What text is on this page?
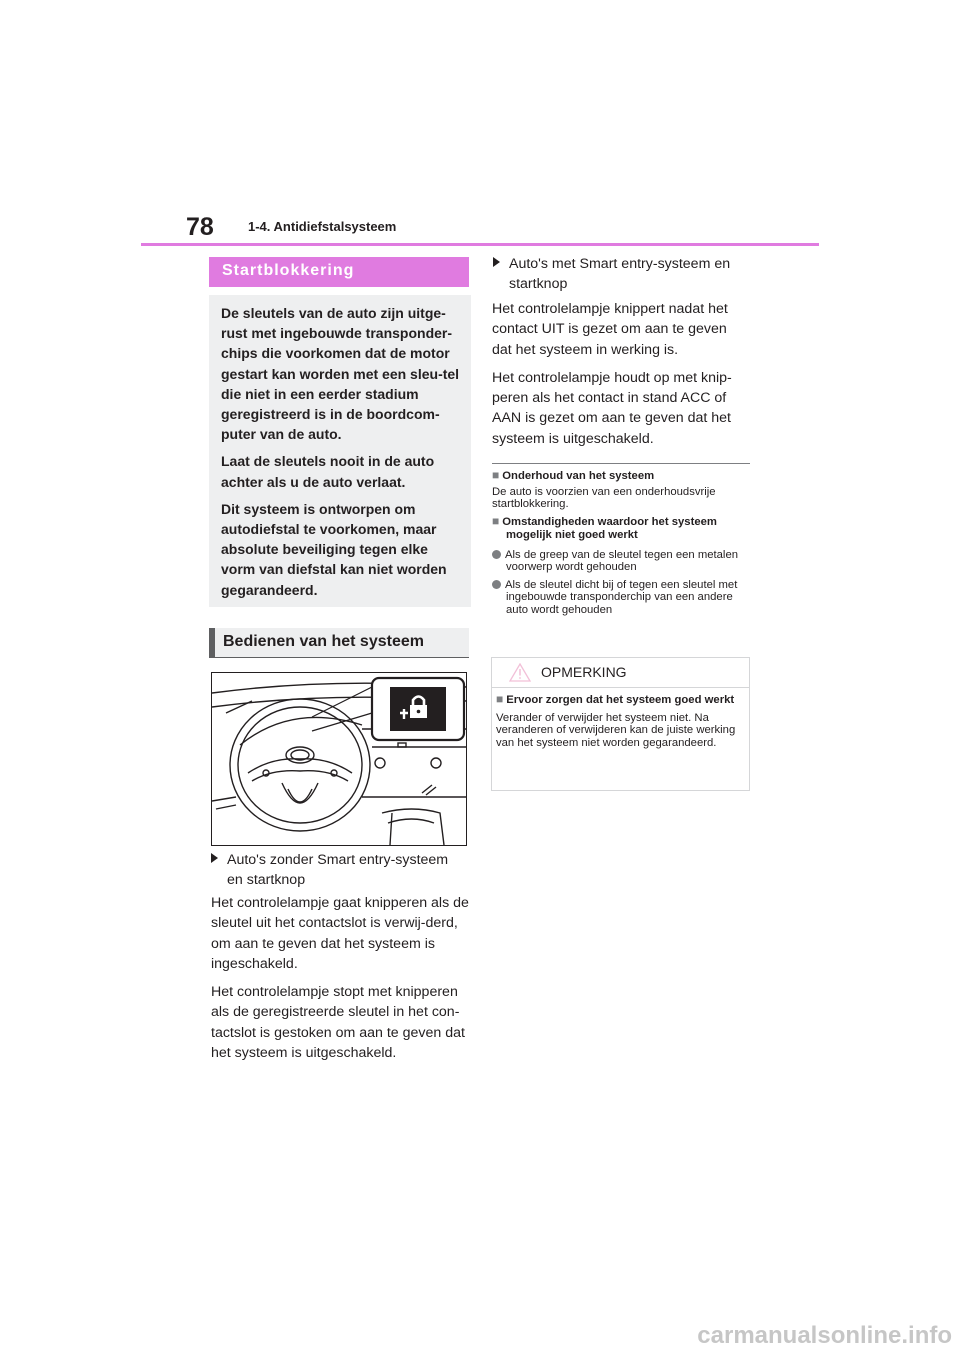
78	1-4. Antidiefstalsysteem
Startblokkering

De sleutels van de auto zijn uitge-rust met ingebouwde transponder-chips die voorkomen dat de motor gestart kan worden met een sleu-tel die niet in een eerder stadium geregistreerd is in de boordcom-puter van de auto.

Laat de sleutels nooit in de auto achter als u de auto verlaat.

Dit systeem is ontworpen om autodiefstal te voorkomen, maar absolute beveiliging tegen elke vorm van diefstal kan niet worden gegarandeerd.

Bedienen van het systeem
Auto's zonder Smart entry-systeem
en startknop

Het controlelampje gaat knipperen als de sleutel uit het contactslot is verwij-derd, om aan te geven dat het systeem is ingeschakeld.

Het controlelampje stopt met knipperen als de geregistreerde sleutel in het con-tactslot is gestoken om aan te geven dat het systeem is uitgeschakeld.

Auto's met Smart entry-systeem en
startknop

Het controlelampje knippert nadat het contact UIT is gezet om aan te geven dat het systeem in werking is.

Het controlelampje houdt op met knip-peren als het contact in stand ACC of AAN is gezet om aan te geven dat het systeem is uitgeschakeld.

■ Onderhoud van het systeem
De auto is voorzien van een onderhoudsvrije startblokkering.
■ Omstandigheden waardoor het systeem mogelijk niet goed werkt
Als de greep van de sleutel tegen een metalen voorwerp wordt gehouden
Als de sleutel dicht bij of tegen een sleutel met ingebouwde transponderchip van een andere auto wordt gehouden
OPMERKING
■ Ervoor zorgen dat het systeem goed werkt
Verander of verwijder het systeem niet. Na veranderen of verwijderen kan de juiste werking van het systeem niet worden gegarandeerd.
carmanualsonline.info
